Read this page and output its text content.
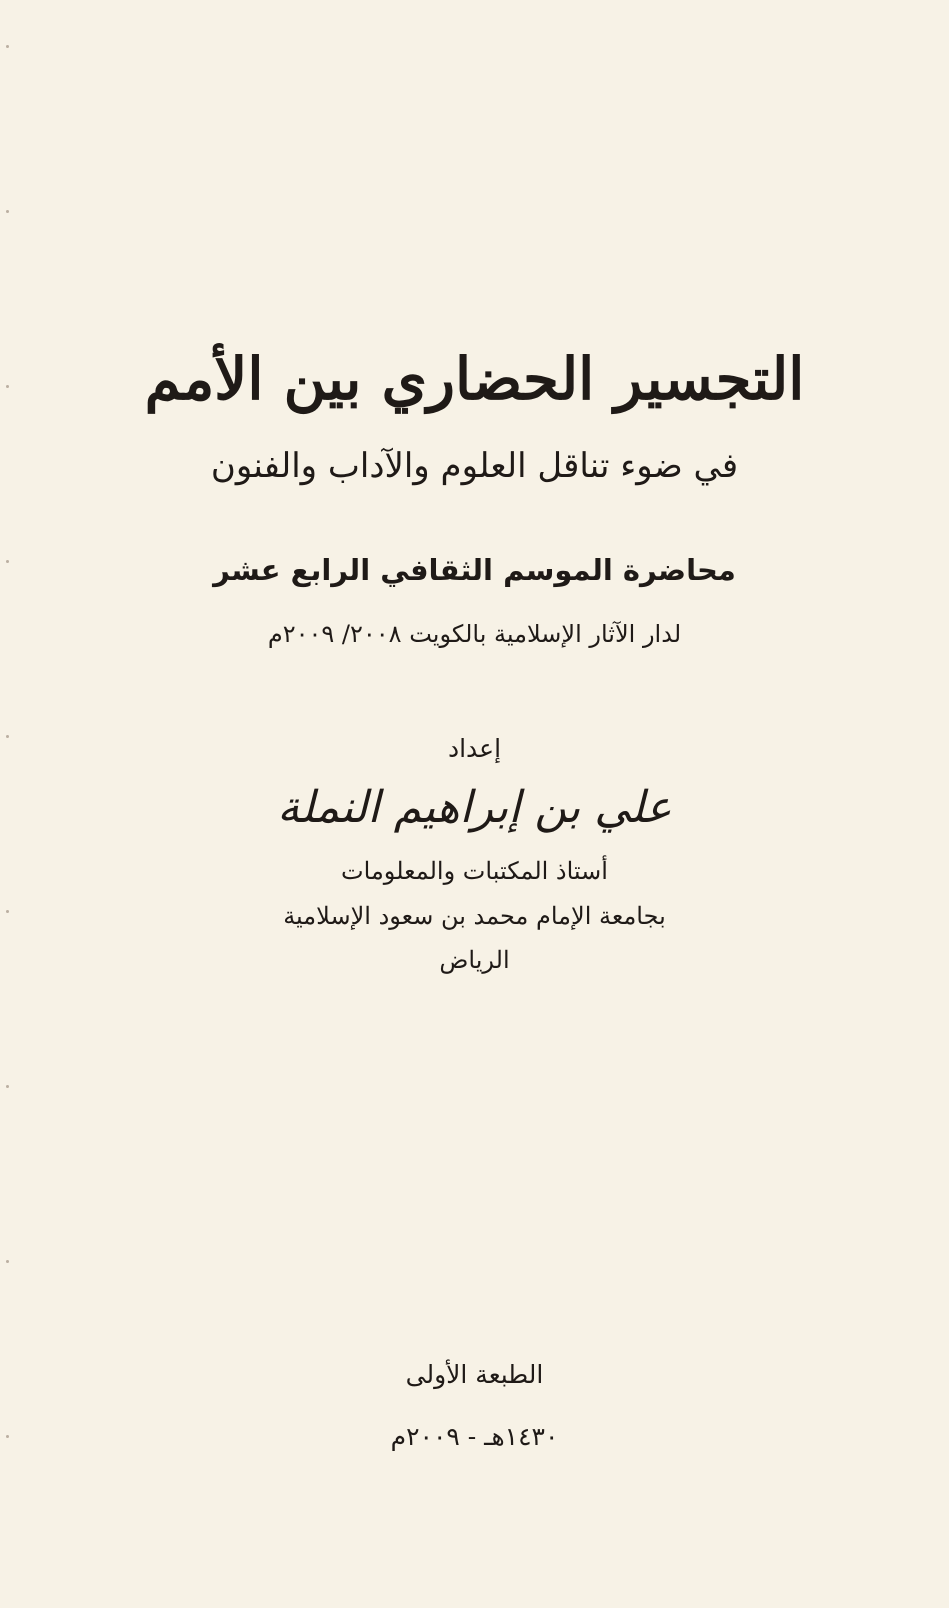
التجسير الحضاري بين الأمم
في ضوء تناقل العلوم والآداب والفنون
محاضرة الموسم الثقافي الرابع عشر
لدار الآثار الإسلامية بالكويت ٢٠٠٨/ ٢٠٠٩م
إعداد
علي بن إبراهيم النملة
أستاذ المكتبات والمعلومات
بجامعة الإمام محمد بن سعود الإسلامية
الرياض
الطبعة الأولى
١٤٣٠هـ - ٢٠٠٩م
